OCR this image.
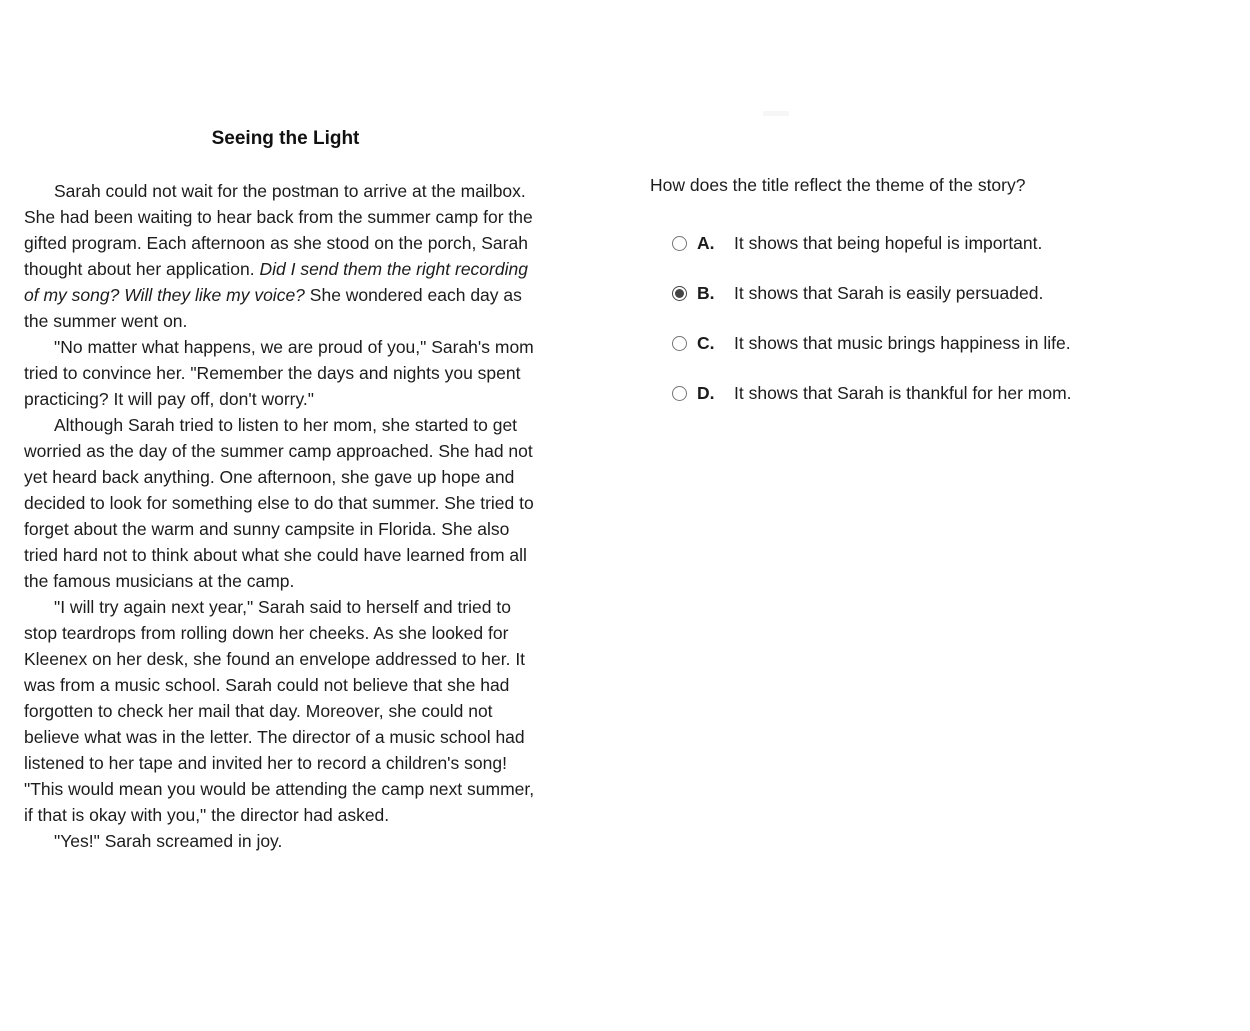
Seeing the Light

Sarah could not wait for the postman to arrive at the mailbox. She had been waiting to hear back from the summer camp for the gifted program. Each afternoon as she stood on the porch, Sarah thought about her application. Did I send them the right recording of my song? Will they like my voice? She wondered each day as the summer went on.

"No matter what happens, we are proud of you," Sarah's mom tried to convince her. "Remember the days and nights you spent practicing? It will pay off, don't worry."

Although Sarah tried to listen to her mom, she started to get worried as the day of the summer camp approached. She had not yet heard back anything. One afternoon, she gave up hope and decided to look for something else to do that summer. She tried to forget about the warm and sunny campsite in Florida. She also tried hard not to think about what she could have learned from all the famous musicians at the camp.

"I will try again next year," Sarah said to herself and tried to stop teardrops from rolling down her cheeks. As she looked for Kleenex on her desk, she found an envelope addressed to her. It was from a music school. Sarah could not believe that she had forgotten to check her mail that day. Moreover, she could not believe what was in the letter. The director of a music school had listened to her tape and invited her to record a children's song! "This would mean you would be attending the camp next summer, if that is okay with you," the director had asked.

"Yes!" Sarah screamed in joy.

How does the title reflect the theme of the story?

A.	It shows that being hopeful is important.
B.	It shows that Sarah is easily persuaded.
C.	It shows that music brings happiness in life.
D.	It shows that Sarah is thankful for her mom.
